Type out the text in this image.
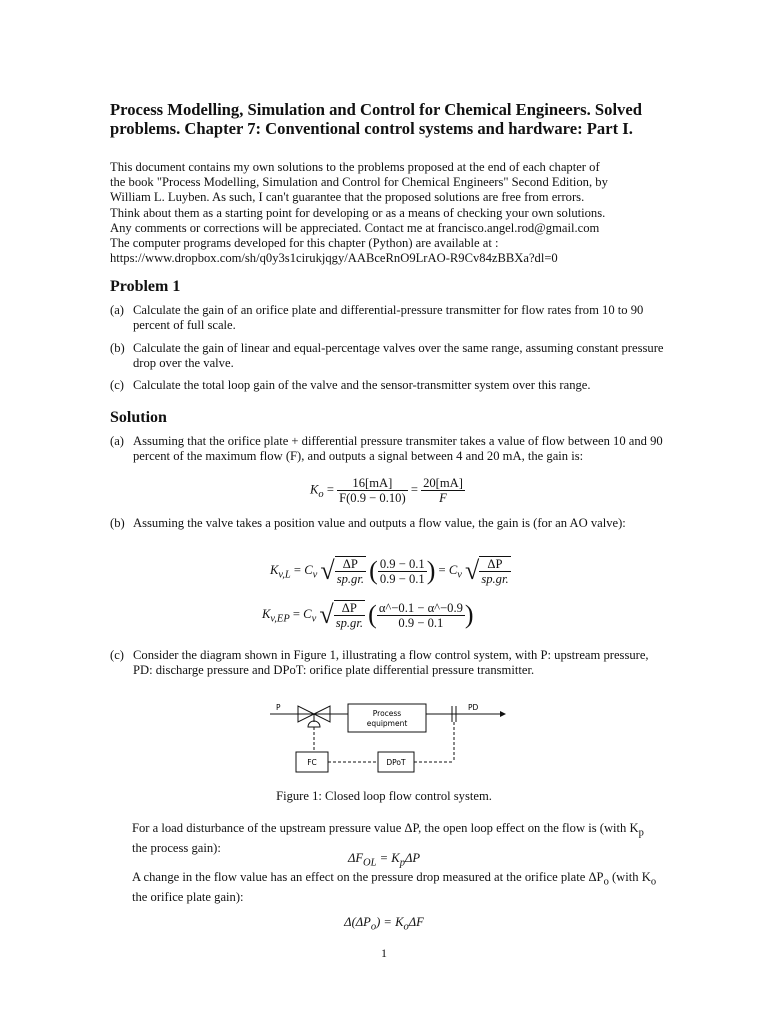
Process Modelling, Simulation and Control for Chemical Engineers. Solved problems. Chapter 7: Conventional control systems and hardware: Part I.
This document contains my own solutions to the problems proposed at the end of each chapter of
the book "Process Modelling, Simulation and Control for Chemical Engineers" Second Edition, by
William L. Luyben. As such, I can't guarantee that the proposed solutions are free from errors.
Think about them as a starting point for developing or as a means of checking your own solutions.
Any comments or corrections will be appreciated. Contact me at francisco.angel.rod@gmail.com
The computer programs developed for this chapter (Python) are available at :
https://www.dropbox.com/sh/q0y3s1cirukjqgy/AABceRnO9LrAO-R9Cv84zBBXa?dl=0
Problem 1
(a) Calculate the gain of an orifice plate and differential-pressure transmitter for flow rates from 10 to 90 percent of full scale.
(b) Calculate the gain of linear and equal-percentage valves over the same range, assuming constant pressure drop over the valve.
(c) Calculate the total loop gain of the valve and the sensor-transmitter system over this range.
Solution
(a) Assuming that the orifice plate + differential pressure transmiter takes a value of flow between 10 and 90 percent of the maximum flow (F), and outputs a signal between 4 and 20 mA, the gain is:
$K_o = \frac{16[mA]}{F(0.9 - 0.10)} = \frac{20[mA]}{F}$
(b) Assuming the valve takes a position value and outputs a flow value, the gain is (for an AO valve):
$K_{v,L} = C_v$ √ $\frac{\Delta P}{sp.gr.}$ ( $\frac{0.9 - 0.1}{0.9 - 0.1}$ ) = $C_v$ √ $\frac{\Delta P}{sp.gr.}$
$K_{v,EP} = C_v$ √ $\frac{\Delta P}{sp.gr.}$ ( $\frac{\alpha\^{}-0.1 - \alpha\^{}-0.9}{0.9 - 0.1}$ )
(c) Consider the diagram shown in Figure 1, illustrating a flow control system, with P: upstream pressure, PD: discharge pressure and DPoT: orifice plate differential pressure transmitter.
Process
equipment
FC	DPoT
P	PD
Figure 1: Closed loop flow control system.
For a load disturbance of the upstream pressure value ΔP, the open loop effect on the flow is (with $K_p$ the process gain):
$\Delta F_{OL} = K_p\Delta P$
A change in the flow value has an effect on the pressure drop measured at the orifice plate $\Delta P_o$ (with $K_o$ the orifice plate gain):
$\Delta(\Delta P_o) = K_o\Delta F$
1
